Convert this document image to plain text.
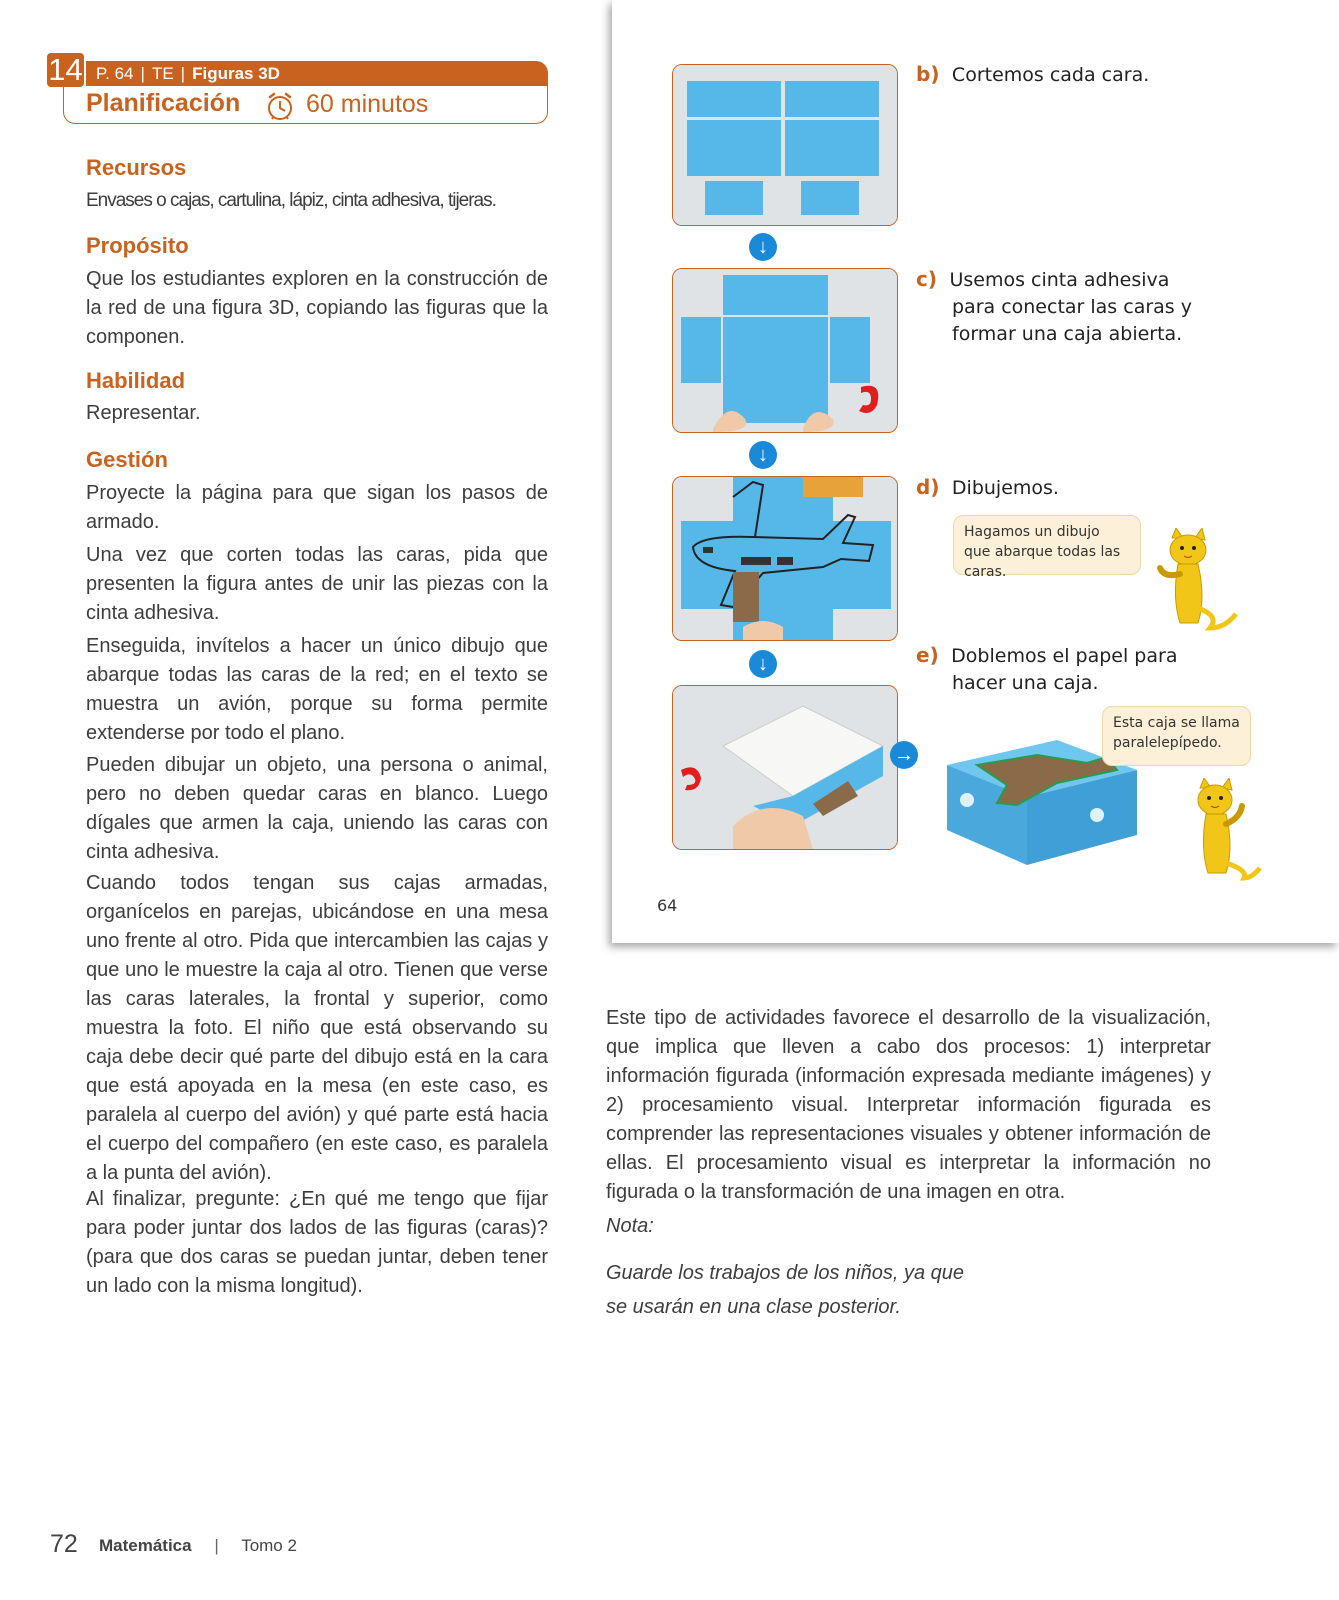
14 P. 64 | TE | Figuras 3D
Planificación	60 minutos
Recursos
Envases o cajas, cartulina, lápiz, cinta adhesiva, tijeras.
Propósito
Que los estudiantes exploren en la construcción de la red de una figura 3D, copiando las figuras que la componen.
Habilidad
Representar.
Gestión
Proyecte la página para que sigan los pasos de armado.
Una vez que corten todas las caras, pida que presenten la figura antes de unir las piezas con la cinta adhesiva.
Enseguida, invítelos a hacer un único dibujo que abarque todas las caras de la red; en el texto se muestra un avión, porque su forma permite extenderse por todo el plano.
Pueden dibujar un objeto, una persona o animal, pero no deben quedar caras en blanco. Luego dígales que armen la caja, uniendo las caras con cinta adhesiva.
Cuando todos tengan sus cajas armadas, organícelos en parejas, ubicándose en una mesa uno frente al otro. Pida que intercambien las cajas y que uno le muestre la caja al otro. Tienen que verse las caras laterales, la frontal y superior, como muestra la foto. El niño que está observando su caja debe decir qué parte del dibujo está en la cara que está apoyada en la mesa (en este caso, es paralela al cuerpo del avión) y qué parte está hacia el cuerpo del compañero (en este caso, es paralela a la punta del avión).
Al finalizar, pregunte: ¿En qué me tengo que fijar para poder juntar dos lados de las figuras (caras)? (para que dos caras se puedan juntar, deben tener un lado con la misma longitud).
↓
↓
↓
→
b) Cortemos cada cara.
c) Usemos cinta adhesiva
para conectar las caras y
formar una caja abierta.
d) Dibujemos.
Hagamos un dibujo que abarque todas las caras.
e) Doblemos el papel para
hacer una caja.
Esta caja se llama paralelepípedo.
64
Este tipo de actividades favorece el desarrollo de la visualización, que implica que lleven a cabo dos procesos: 1) interpretar información figurada (información expresada mediante imágenes) y 2) procesamiento visual. Interpretar información figurada es comprender las representaciones visuales y obtener información de ellas. El procesamiento visual es interpretar la información no figurada o la transformación de una imagen en otra.
Nota:
Guarde los trabajos de los niños, ya que
se usarán en una clase posterior.
72 Matemática | Tomo 2
